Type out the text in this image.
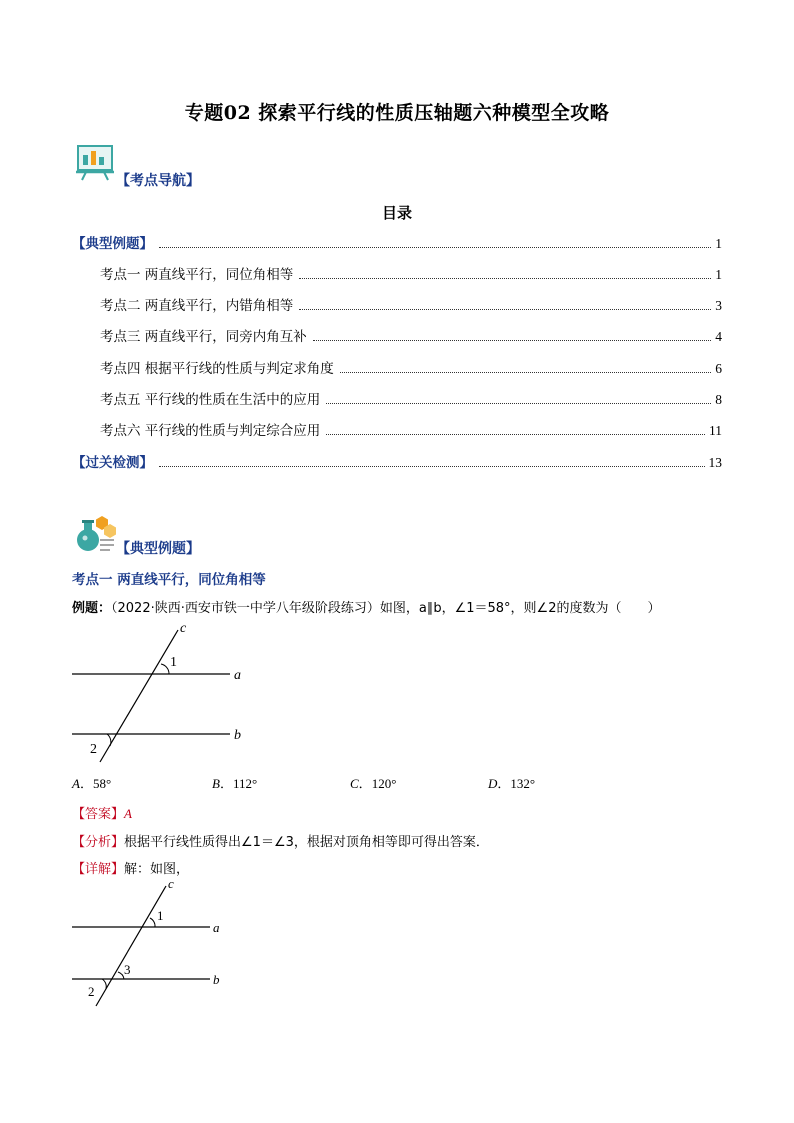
专题02 探索平行线的性质压轴题六种模型全攻略
【考点导航】
目录
【典型例题】	1
考点一 两直线平行，同位角相等	1
考点二 两直线平行，内错角相等	3
考点三 两直线平行，同旁内角互补	4
考点四 根据平行线的性质与判定求角度	6
考点五 平行线的性质在生活中的应用	8
考点六 平行线的性质与判定综合应用	11
【过关检测】	13
【典型例题】
考点一 两直线平行，同位角相等
例题：（2022·陕西·西安市铁一中学八年级阶段练习）如图，a∥b，∠1＝58°，则∠2的度数为（　　）
c
1
a
b
2
A．58°	B．112°	C．120°	D．132°
【答案】A
【分析】根据平行线性质得出∠1＝∠3，根据对顶角相等即可得出答案．
【详解】解：如图，
c
1
a
3
b
2
